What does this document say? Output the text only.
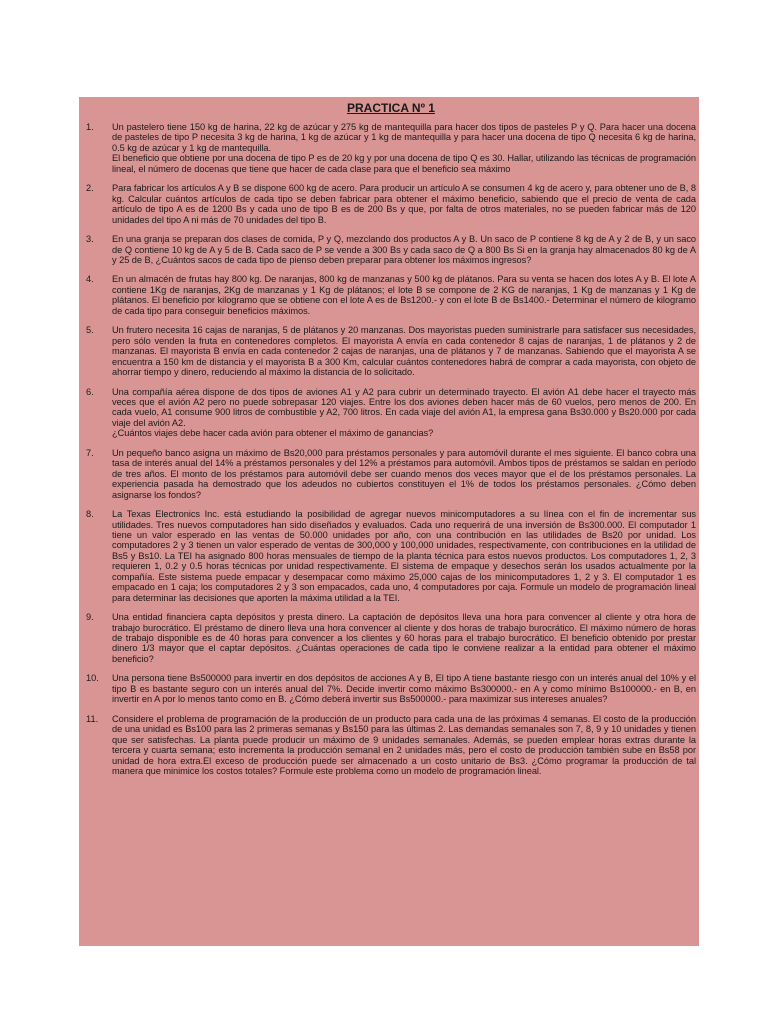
PRACTICA Nº 1
1.	Un pastelero tiene 150 kg de harina, 22 kg de azúcar y 275 kg de mantequilla para hacer dos tipos de pasteles P y Q. Para hacer una docena de pasteles de tipo P necesita 3 kg de harina, 1 kg de azúcar y 1 kg de mantequilla y para hacer una docena de tipo Q necesita 6 kg de harina, 0.5 kg de azúcar y 1 kg de mantequilla.

El beneficio que obtiene por una docena de tipo P es de 20 kg y por una docena de tipo Q es 30. Hallar, utilizando las técnicas de programación lineal, el número de docenas que tiene que hacer de cada clase para que el beneficio sea máximo

2.	Para fabricar los artículos A y B se dispone 600 kg de acero. Para producir un artículo A se consumen 4 kg de acero y, para obtener uno de B, 8 kg. Calcular cuántos artículos de cada tipo se deben fabricar para obtener el máximo beneficio, sabiendo que el precio de venta de cada artículo de tipo A es de 1200 Bs y cada uno de tipo B es de 200 Bs y que, por falta de otros materiales, no se pueden fabricar más de 120 unidades del tipo A ni más de 70 unidades del tipo B.

3.	En una granja se preparan dos clases de comida, P y Q, mezclando dos productos A y B. Un saco de P contiene 8 kg de A y 2 de B, y un saco de Q contiene 10 kg de A y 5 de B. Cada saco de P se vende a 300 Bs y cada saco de Q a 800 Bs Si en la granja hay almacenados 80 kg de A y 25 de B, ¿Cuántos sacos de cada tipo de pienso deben preparar para obtener los máximos ingresos?

4.	En un almacén de frutas hay 800 kg. De naranjas, 800 kg de manzanas y 500 kg de plátanos. Para su venta se hacen dos lotes A y B. El lote A contiene 1Kg de naranjas, 2Kg de manzanas y 1 Kg de plátanos; el lote B se compone de 2 KG de naranjas, 1 Kg de manzanas y 1 Kg de plátanos. El beneficio por kilogramo que se obtiene con el lote A es de Bs1200.- y con el lote B de Bs1400.- Determinar el número de kilogramo de cada tipo para conseguir beneficios máximos.

5.	Un frutero necesita 16 cajas de naranjas, 5 de plátanos y 20 manzanas. Dos mayoristas pueden suministrarle para satisfacer sus necesidades, pero sólo venden la fruta en contenedores completos. El mayorista A envía en cada contenedor 8 cajas de naranjas, 1 de plátanos y 2 de manzanas. El mayorista B envía en cada contenedor 2 cajas de naranjas, una de plátanos y 7 de manzanas. Sabiendo que el mayorista A se encuentra a 150 km de distancia y el mayorista B a 300 Km, calcular cuántos contenedores habrá de comprar a cada mayorista, con objeto de ahorrar tiempo y dinero, reduciendo al máximo la distancia de lo solicitado.

6.	Una compañía aérea dispone de dos tipos de aviones A1 y A2 para cubrir un determinado trayecto. El avión A1 debe hacer el trayecto más veces que el avión A2 pero no puede sobrepasar 120 viajes. Entre los dos aviones deben hacer más de 60 vuelos, pero menos de 200. En cada vuelo, A1 consume 900 litros de combustible y A2, 700 litros. En cada viaje del avión A1, la empresa gana Bs30.000 y Bs20.000 por cada viaje del avión A2.

¿Cuántos viajes debe hacer cada avión para obtener el máximo de ganancias?

7.	Un pequeño banco asigna un máximo de Bs20,000 para préstamos personales y para automóvil durante el mes siguiente. El banco cobra una tasa de interés anual del 14% a préstamos personales y del 12% a préstamos para automóvil. Ambos tipos de préstamos se saldan en período de tres años. El monto de los préstamos para automóvil debe ser cuando menos dos veces mayor que el de los préstamos personales. La experiencia pasada ha demostrado que los adeudos no cubiertos constituyen el 1% de todos los préstamos personales. ¿Cómo deben asignarse los fondos?

8.	La Texas Electronics Inc. está estudiando la posibilidad de agregar nuevos minicomputadores a su línea con el fin de incrementar sus utilidades. Tres nuevos computadores han sido diseñados y evaluados. Cada uno requerirá de una inversión de Bs300.000. El computador 1 tiene un valor esperado en las ventas de 50.000 unidades por año, con una contribución en las utilidades de Bs20 por unidad. Los computadores 2 y 3 tienen un valor esperado de ventas de 300,000 y 100,000 unidades, respectivamente, con contribuciones en la utilidad de Bs5 y Bs10. La TEI ha asignado 800 horas mensuales de tiempo de la planta técnica para estos nuevos productos. Los computadores 1, 2, 3 requieren 1, 0.2 y 0.5 horas técnicas por unidad respectivamente. El sistema de empaque y desechos serán los usados actualmente por la compañía. Este sistema puede empacar y desempacar como máximo 25,000 cajas de los minicomputadores 1, 2 y 3. El computador 1 es empacado en 1 caja; los computadores 2 y 3 son empacados, cada uno, 4 computadores por caja. Formule un modelo de programación lineal para determinar las decisiones que aporten la máxima utilidad a la TEI.

9.	Una entidad financiera capta depósitos y presta dinero. La captación de depósitos lleva una hora para convencer al cliente y otra hora de trabajo burocrático. El préstamo de dinero lleva una hora convencer al cliente y dos horas de trabajo burocrático. El máximo número de horas de trabajo disponible es de 40 horas para convencer a los clientes y 60 horas para el trabajo burocrático. El beneficio obtenido por prestar dinero 1/3 mayor que el captar depósitos. ¿Cuántas operaciones de cada tipo le conviene realizar a la entidad para obtener el máximo beneficio?

10.	Una persona tiene Bs500000 para invertir en dos depósitos de acciones A y B, El tipo A tiene bastante riesgo con un interés anual del 10% y el tipo B es bastante seguro con un interés anual del 7%. Decide invertir como máximo Bs300000.- en A y como mínimo Bs100000.- en B, en invertir en A por lo menos tanto como en B. ¿Cómo deberá invertir sus Bs500000.- para maximizar sus intereses anuales?

11.	Considere el problema de programación de la producción de un producto para cada una de las próximas 4 semanas. El costo de la producción de una unidad es Bs100 para las 2 primeras semanas y Bs150 para las últimas 2. Las demandas semanales son 7, 8, 9 y 10 unidades y tienen que ser satisfechas. La planta puede producir un máximo de 9 unidades semanales. Además, se pueden emplear horas extras durante la tercera y cuarta semana; esto incrementa la producción semanal en 2 unidades más, pero el costo de producción también sube en Bs58 por unidad de hora extra.El exceso de producción puede ser almacenado a un costo unitario de Bs3. ¿Cómo programar la producción de tal manera que minimice los costos totales? Formule este problema como un modelo de programación lineal.
